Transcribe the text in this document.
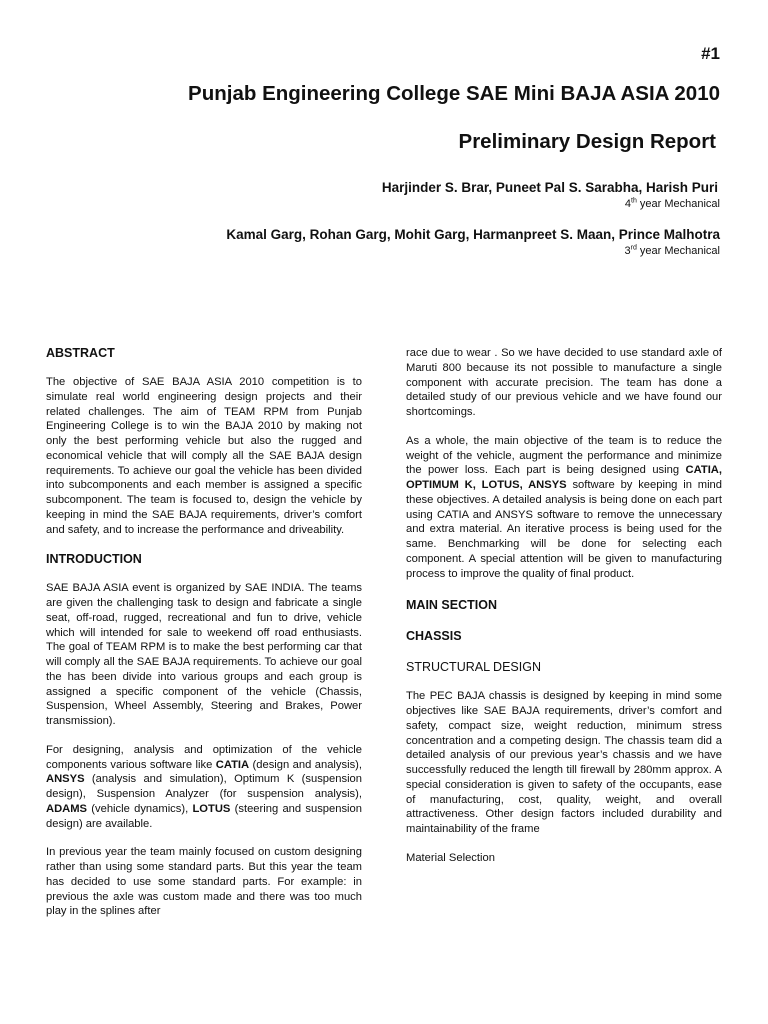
#1
Punjab Engineering College SAE Mini BAJA ASIA 2010
Preliminary Design Report
Harjinder S. Brar, Puneet Pal S. Sarabha, Harish Puri
4th year Mechanical
Kamal Garg, Rohan Garg, Mohit Garg, Harmanpreet S. Maan, Prince Malhotra
3rd year Mechanical
ABSTRACT

The objective of SAE BAJA ASIA 2010 competition is to simulate real world engineering design projects and their related challenges. The aim of TEAM RPM from Punjab Engineering College is to win the BAJA 2010 by making not only the best performing vehicle but also the rugged and economical vehicle that will comply all the SAE BAJA design requirements. To achieve our goal the vehicle has been divided into subcomponents and each member is assigned a specific subcomponent. The team is focused to, design the vehicle by keeping in mind the SAE BAJA requirements, driver’s comfort and safety, and to increase the performance and driveability.

INTRODUCTION

SAE BAJA ASIA event is organized by SAE INDIA. The teams are given the challenging task to design and fabricate a single seat, off-road, rugged, recreational and fun to drive, vehicle which will intended for sale to weekend off road enthusiasts. The goal of TEAM RPM is to make the best performing car that will comply all the SAE BAJA requirements. To achieve our goal the has been divide into various groups and each group is assigned a specific component of the vehicle (Chassis, Suspension, Wheel Assembly, Steering and Brakes, Power transmission).

For designing, analysis and optimization of the vehicle components various software like CATIA (design and analysis), ANSYS (analysis and simulation), Optimum K (suspension design), Suspension Analyzer (for suspension analysis), ADAMS (vehicle dynamics), LOTUS (steering and suspension design) are available.

In previous year the team mainly focused on custom designing rather than using some standard parts. But this year the team has decided to use some standard parts. For example: in previous the axle was custom made and there was too much play in the splines after

race due to wear . So we have decided to use standard axle of Maruti 800 because its not possible to manufacture a single component with accurate precision. The team has done a detailed study of our previous vehicle and we have found our shortcomings.

As a whole, the main objective of the team is to reduce the weight of the vehicle, augment the performance and minimize the power loss. Each part is being designed using CATIA, OPTIMUM K, LOTUS, ANSYS software by keeping in mind these objectives. A detailed analysis is being done on each part using CATIA and ANSYS software to remove the unnecessary and extra material. An iterative process is being used for the same. Benchmarking will be done for selecting each component. A special attention will be given to manufacturing process to improve the quality of final product.

MAIN SECTION
CHASSIS
STRUCTURAL DESIGN

The PEC BAJA chassis is designed by keeping in mind some objectives like SAE BAJA requirements, driver’s comfort and safety, compact size, weight reduction, minimum stress concentration and a competing design. The chassis team did a detailed analysis of our previous year’s chassis and we have successfully reduced the length till firewall by 280mm approx. A special consideration is given to safety of the occupants, ease of manufacturing, cost, quality, weight, and overall attractiveness. Other design factors included durability and maintainability of the frame

Material Selection
